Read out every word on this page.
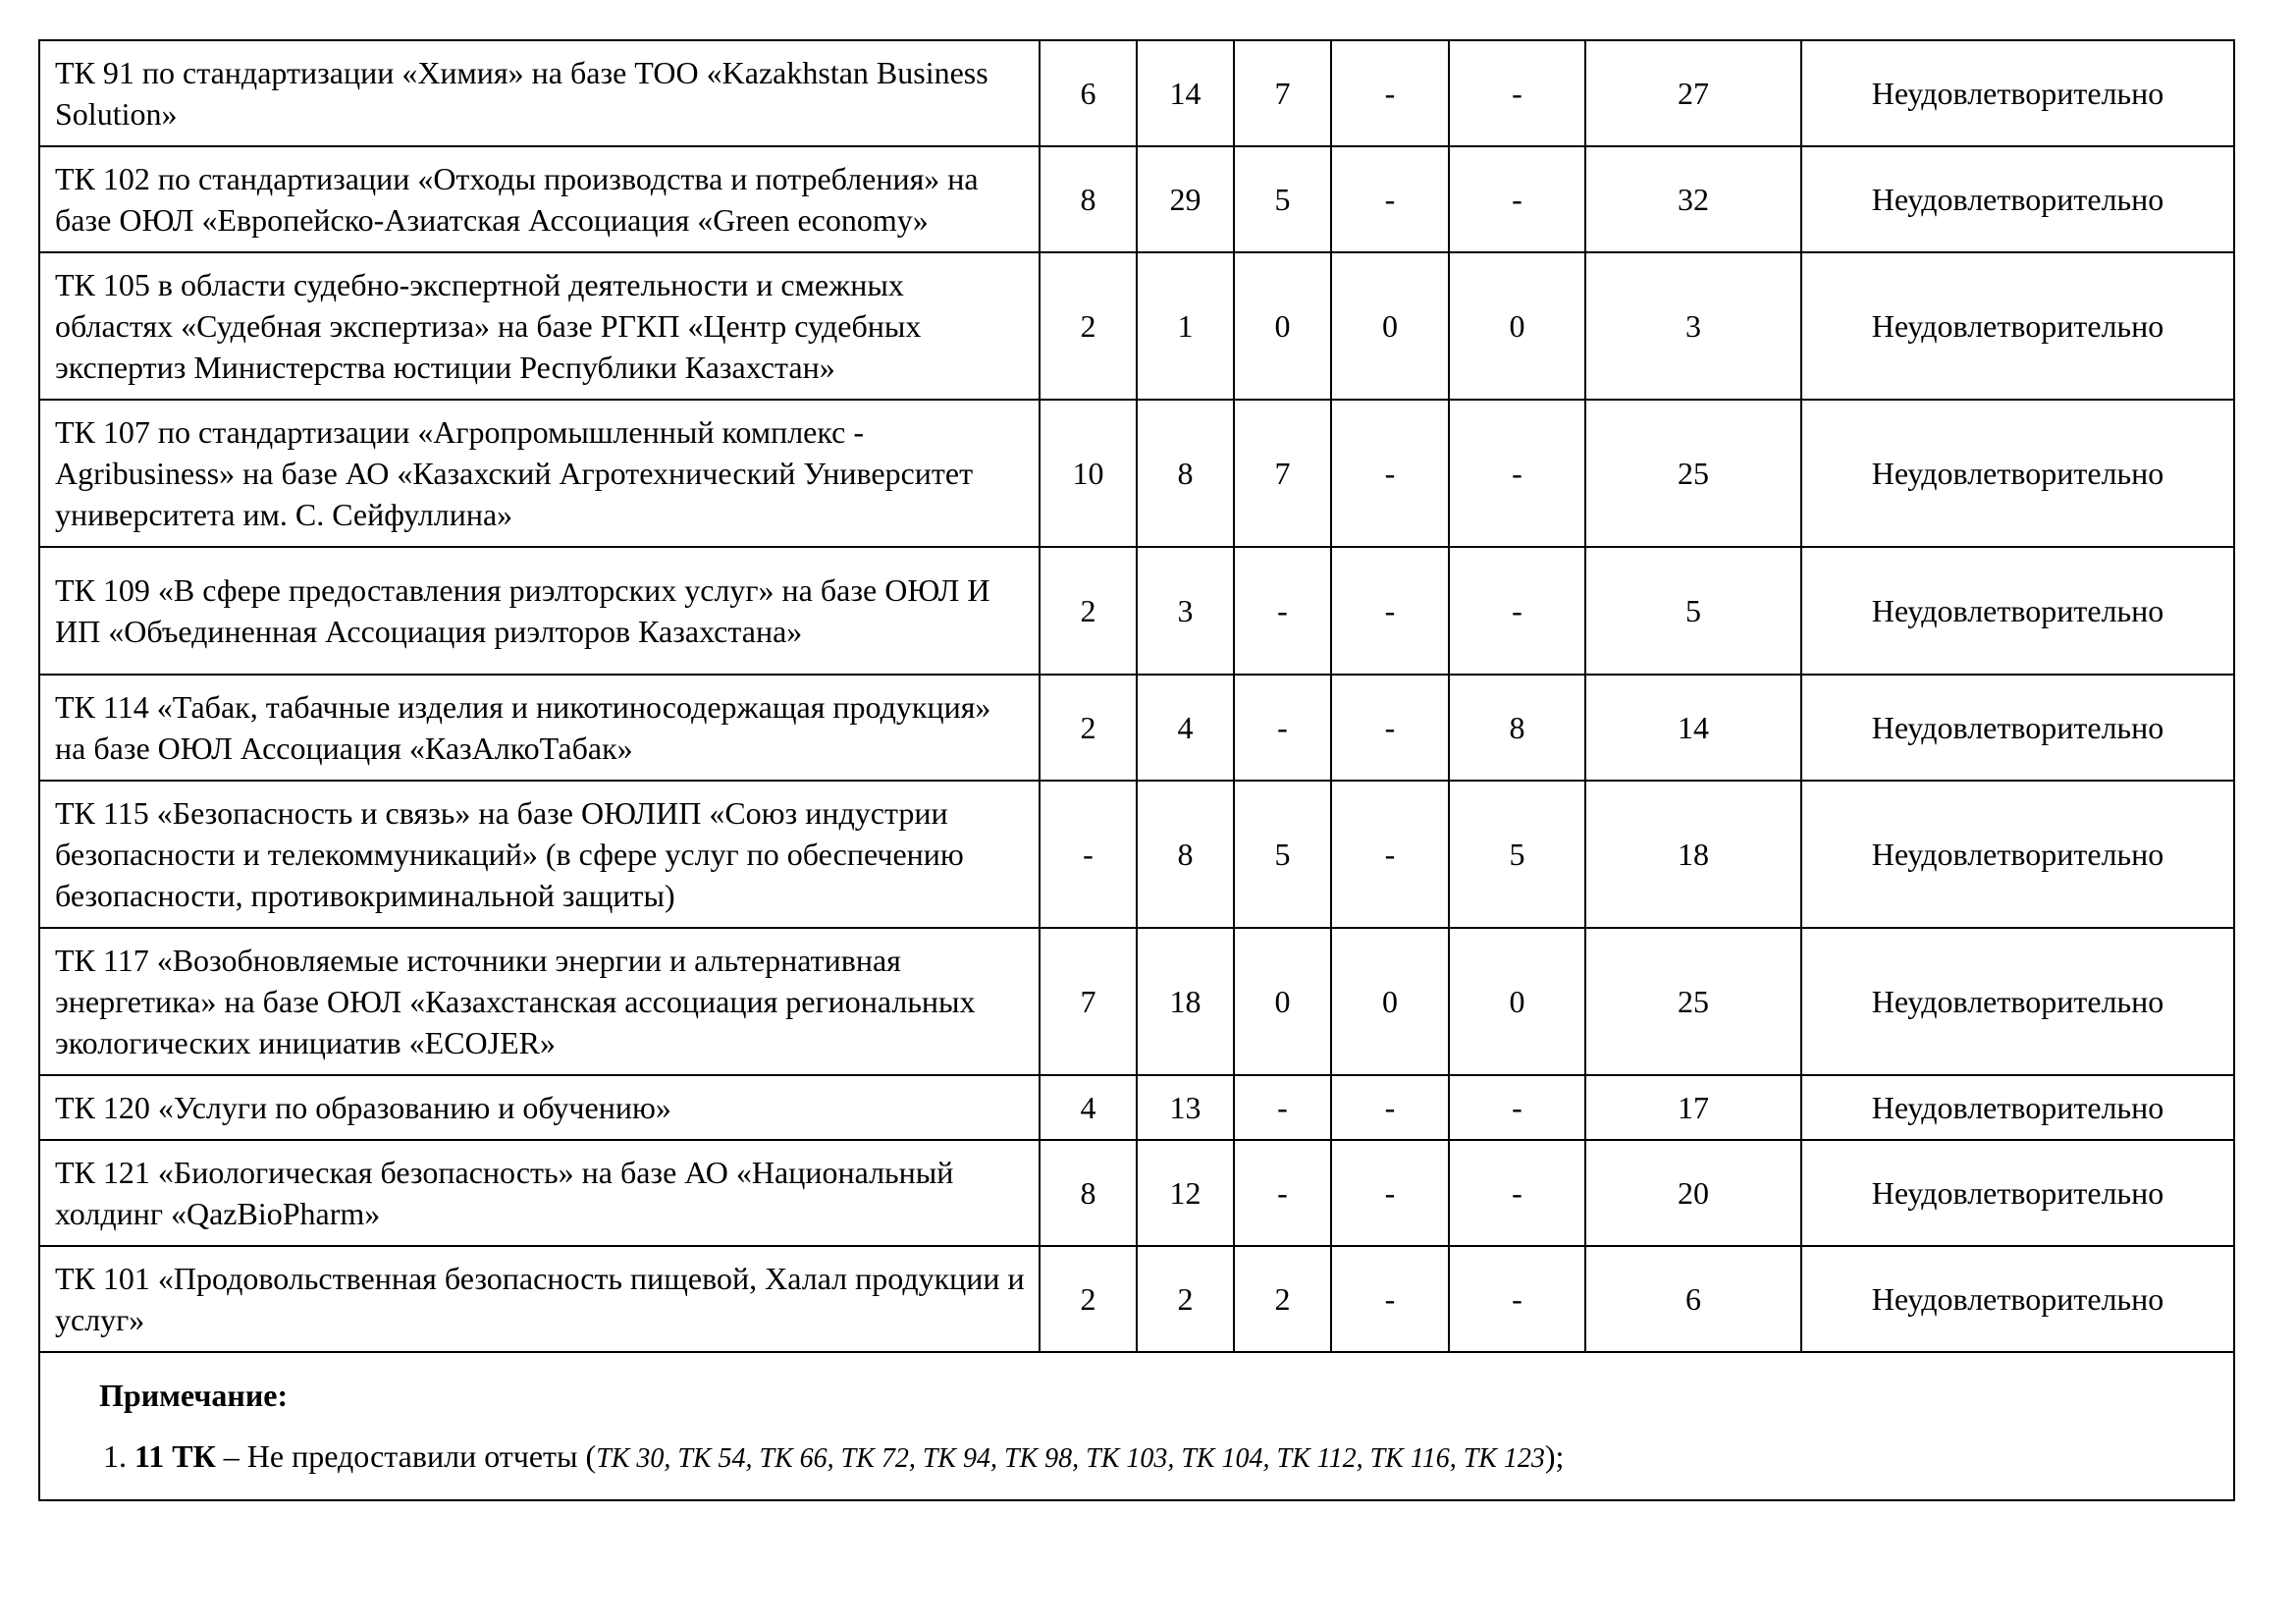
ТК 91 по стандартизации «Химия» на базе ТОО «Kazakhstan Business Solution»	6	14	7	-	-	27	Неудовлетворительно
ТК 102 по стандартизации «Отходы производства и потребления» на базе ОЮЛ «Европейско-Азиатская Ассоциация «Green economy»	8	29	5	-	-	32	Неудовлетворительно
ТК 105 в области судебно-экспертной деятельности и смежных областях «Судебная экспертиза» на базе РГКП «Центр судебных экспертиз Министерства юстиции Республики Казахстан»	2	1	0	0	0	3	Неудовлетворительно
ТК 107 по стандартизации «Агропромышленный комплекс - Agribusiness» на базе АО «Казахский Агротехнический Университет университета им. С. Сейфуллина»	10	8	7	-	-	25	Неудовлетворительно
ТК 109 «В сфере предоставления риэлторских услуг» на базе ОЮЛ И ИП «Объединенная Ассоциация риэлторов Казахстана»	2	3	-	-	-	5	Неудовлетворительно
ТК 114 «Табак, табачные изделия и никотиносодержащая продукция» на базе ОЮЛ Ассоциация «КазАлкоТабак»	2	4	-	-	8	14	Неудовлетворительно
ТК 115 «Безопасность и связь» на базе ОЮЛИП «Союз индустрии безопасности и телекоммуникаций» (в сфере услуг по обеспечению безопасности, противокриминальной защиты)	-	8	5	-	5	18	Неудовлетворительно
ТК 117 «Возобновляемые источники энергии и альтернативная энергетика» на базе ОЮЛ «Казахстанская ассоциация региональных экологических инициатив «ECOJER»	7	18	0	0	0	25	Неудовлетворительно
ТК 120 «Услуги по образованию и обучению»	4	13	-	-	-	17	Неудовлетворительно
ТК 121 «Биологическая безопасность» на базе АО «Национальный холдинг «QazBioPharm»	8	12	-	-	-	20	Неудовлетворительно
ТК 101 «Продовольственная безопасность пищевой, Халал продукции и услуг»	2	2	2	-	-	6	Неудовлетворительно

Примечание:
1. 11 ТК – Не предоставили отчеты (ТК 30, ТК 54, ТК 66, ТК 72, ТК 94, ТК 98, ТК 103, ТК 104, ТК 112, ТК 116, ТК 123);							
